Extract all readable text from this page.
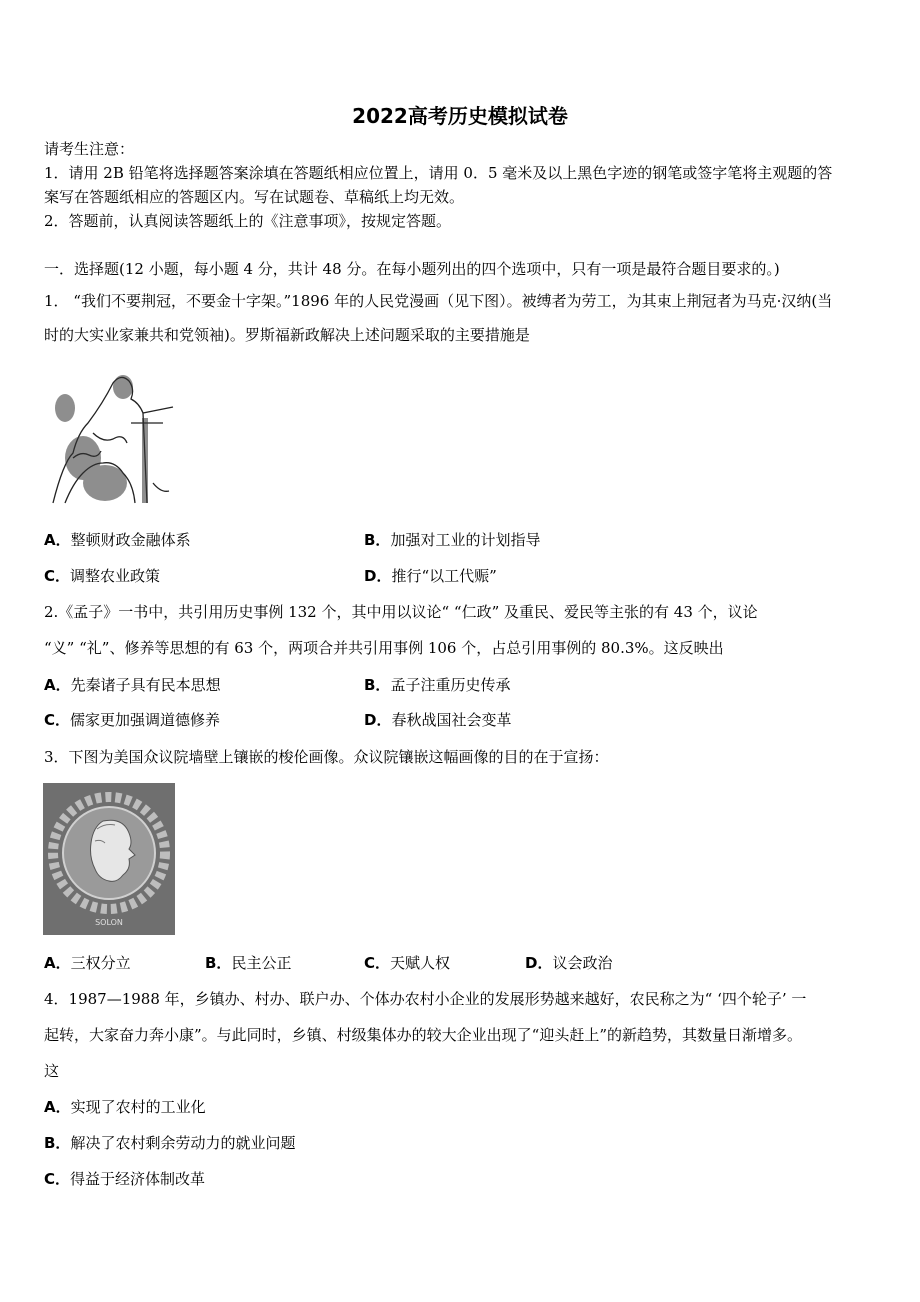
2022高考历史模拟试卷
请考生注意：
1．请用 2B 铅笔将选择题答案涂填在答题纸相应位置上，请用 0．5 毫米及以上黑色字迹的钢笔或签字笔将主观题的答
案写在答题纸相应的答题区内。写在试题卷、草稿纸上均无效。
2．答题前，认真阅读答题纸上的《注意事项》，按规定答题。
一．选择题(12 小题，每小题 4 分，共计 48 分。在每小题列出的四个选项中，只有一项是最符合题目要求的。)
1． “我们不要荆冠，不要金十字架。”1896 年的人民党漫画（见下图）。被缚者为劳工，为其束上荆冠者为马克·汉纳(当
时的大实业家兼共和党领袖)。罗斯福新政解决上述问题采取的主要措施是
A．整顿财政金融体系	B．加强对工业的计划指导
C．调整农业政策	D．推行“以工代赈”
2.《孟子》一书中，共引用历史事例 132 个，其中用以议论“ “仁政” 及重民、爱民等主张的有 43 个，议论
“义” “礼”、修养等思想的有 63 个，两项合并共引用事例 106 个，占总引用事例的 80.3%。这反映出
A．先秦诸子具有民本思想	B．孟子注重历史传承
C．儒家更加强调道德修养	D．春秋战国社会变革
3．下图为美国众议院墙壁上镶嵌的梭伦画像。众议院镶嵌这幅画像的目的在于宣扬：
SOLON
A．三权分立	B．民主公正	C．天赋人权	D．议会政治
4．1987—1988 年，乡镇办、村办、联户办、个体办农村小企业的发展形势越来越好，农民称之为“ ‘四个轮子’ 一
起转，大家奋力奔小康”。与此同时，乡镇、村级集体办的较大企业出现了“迎头赶上”的新趋势，其数量日渐增多。
这
A．实现了农村的工业化
B．解决了农村剩余劳动力的就业问题
C．得益于经济体制改革
